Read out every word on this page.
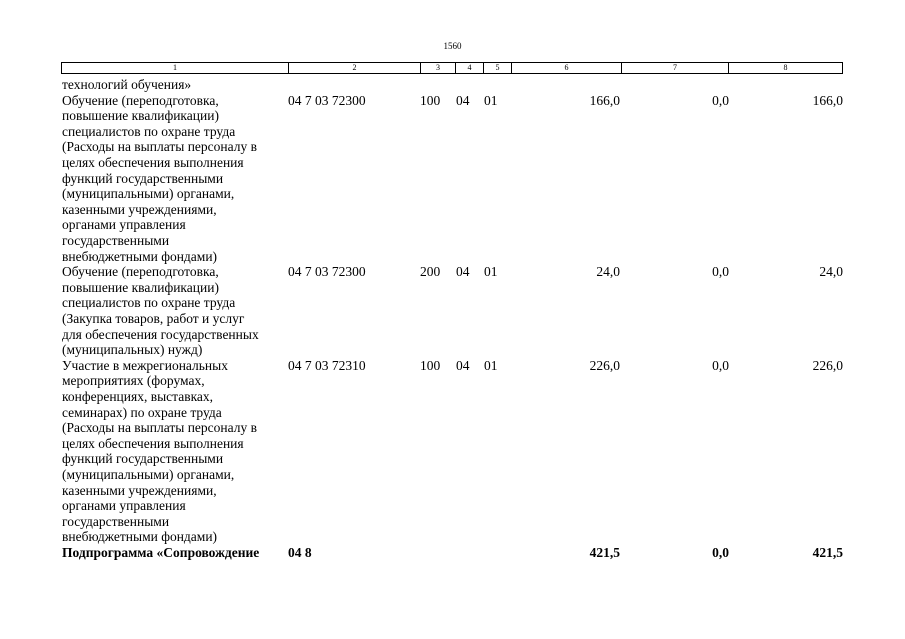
1560
1	2	3	4	5	6	7	8
технологий обучения»
Обучение (переподготовка,
повышение квалификации)
специалистов по охране труда
(Расходы на выплаты персоналу в
целях обеспечения выполнения
функций государственными
(муниципальными) органами,
казенными учреждениями,
органами управления
государственными
внебюджетными фондами)
04 7 03 72300	100 04 01	166,0	0,0	166,0
Обучение (переподготовка,
повышение квалификации)
специалистов по охране труда
(Закупка товаров, работ и услуг
для обеспечения государственных
(муниципальных) нужд)
04 7 03 72300	200 04 01	24,0	0,0	24,0
Участие в межрегиональных
мероприятиях (форумах,
конференциях, выставках,
семинарах) по охране труда
(Расходы на выплаты персоналу в
целях обеспечения выполнения
функций государственными
(муниципальными) органами,
казенными учреждениями,
органами управления
государственными
внебюджетными фондами)
04 7 03 72310	100 04 01	226,0	0,0	226,0
Подпрограмма «Сопровождение	04 8	421,5	0,0	421,5
